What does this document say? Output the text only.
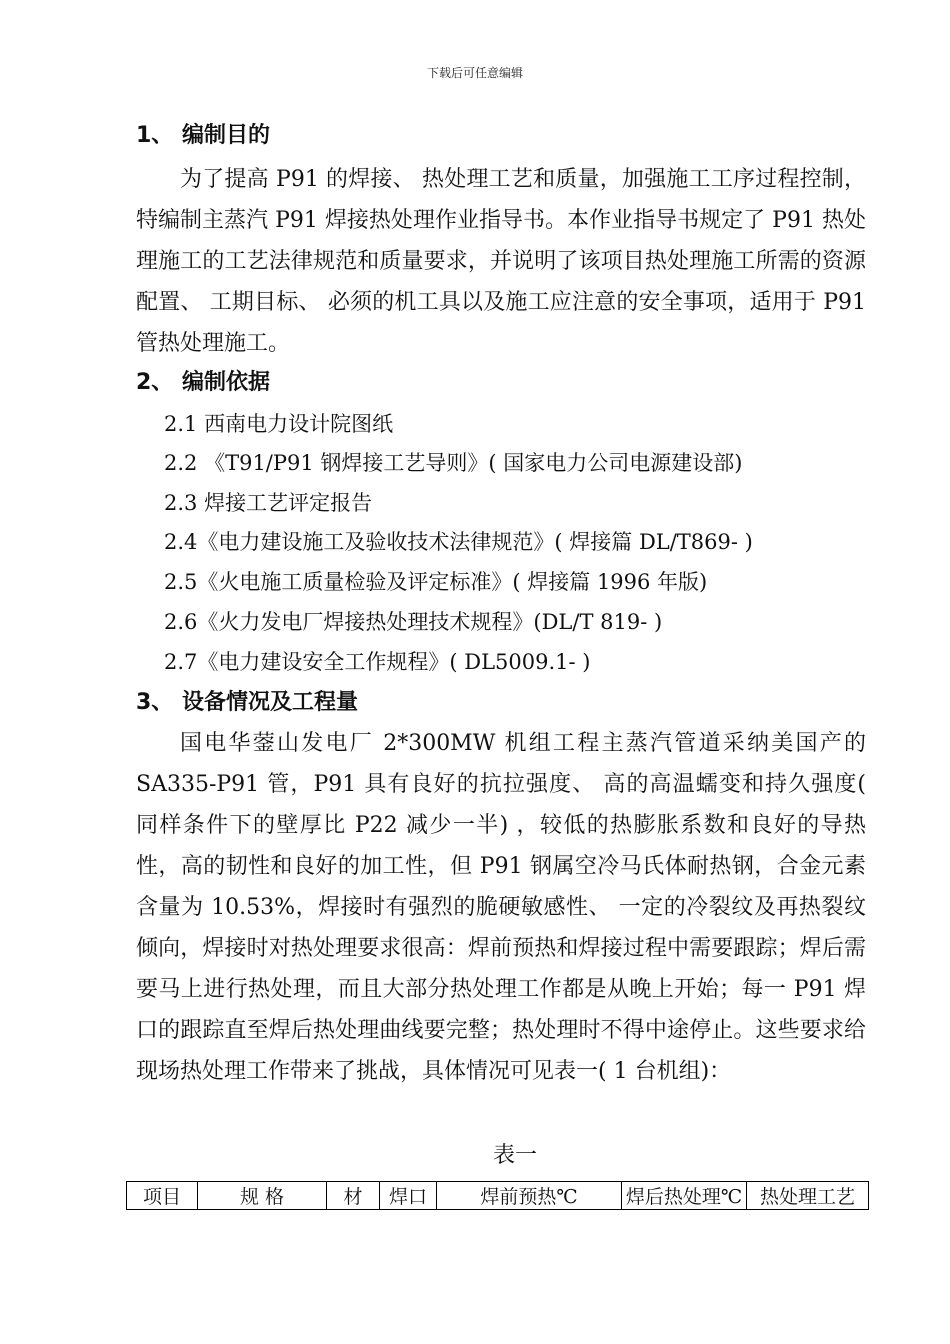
下载后可任意编辑
1、 编制目的
为了提高 P91 的焊接、 热处理工艺和质量，加强施工工序过程控制，特编制主蒸汽 P91 焊接热处理作业指导书。本作业指导书规定了 P91 热处理施工的工艺法律规范和质量要求，并说明了该项目热处理施工所需的资源配置、 工期目标、 必须的机工具以及施工应注意的安全事项，适用于 P91 管热处理施工。
2、 编制依据
2.1 西南电力设计院图纸
2.2 《T91/P91 钢焊接工艺导则》( 国家电力公司电源建设部)
2.3 焊接工艺评定报告
2.4《电力建设施工及验收技术法律规范》( 焊接篇 DL/T869- )
2.5《火电施工质量检验及评定标准》( 焊接篇 1996 年版)
2.6《火力发电厂焊接热处理技术规程》(DL/T 819- )
2.7《电力建设安全工作规程》( DL5009.1- )
3、 设备情况及工程量
国电华蓥山发电厂 2*300MW 机组工程主蒸汽管道采纳美国产的 SA335-P91 管，P91 具有良好的抗拉强度、 高的高温蠕变和持久强度( 同样条件下的壁厚比 P22 减少一半) ，较低的热膨胀系数和良好的导热性，高的韧性和良好的加工性，但 P91 钢属空冷马氏体耐热钢，合金元素含量为 10.53%，焊接时有强烈的脆硬敏感性、 一定的冷裂纹及再热裂纹倾向，焊接时对热处理要求很高：焊前预热和焊接过程中需要跟踪；焊后需要马上进行热处理，而且大部分热处理工作都是从晚上开始；每一 P91 焊口的跟踪直至焊后热处理曲线要完整；热处理时不得中途停止。这些要求给现场热处理工作带来了挑战，具体情况可见表一( 1 台机组)：
表一
项目	规 格	材	焊口	焊前预热℃	焊后热处理℃	热处理工艺
